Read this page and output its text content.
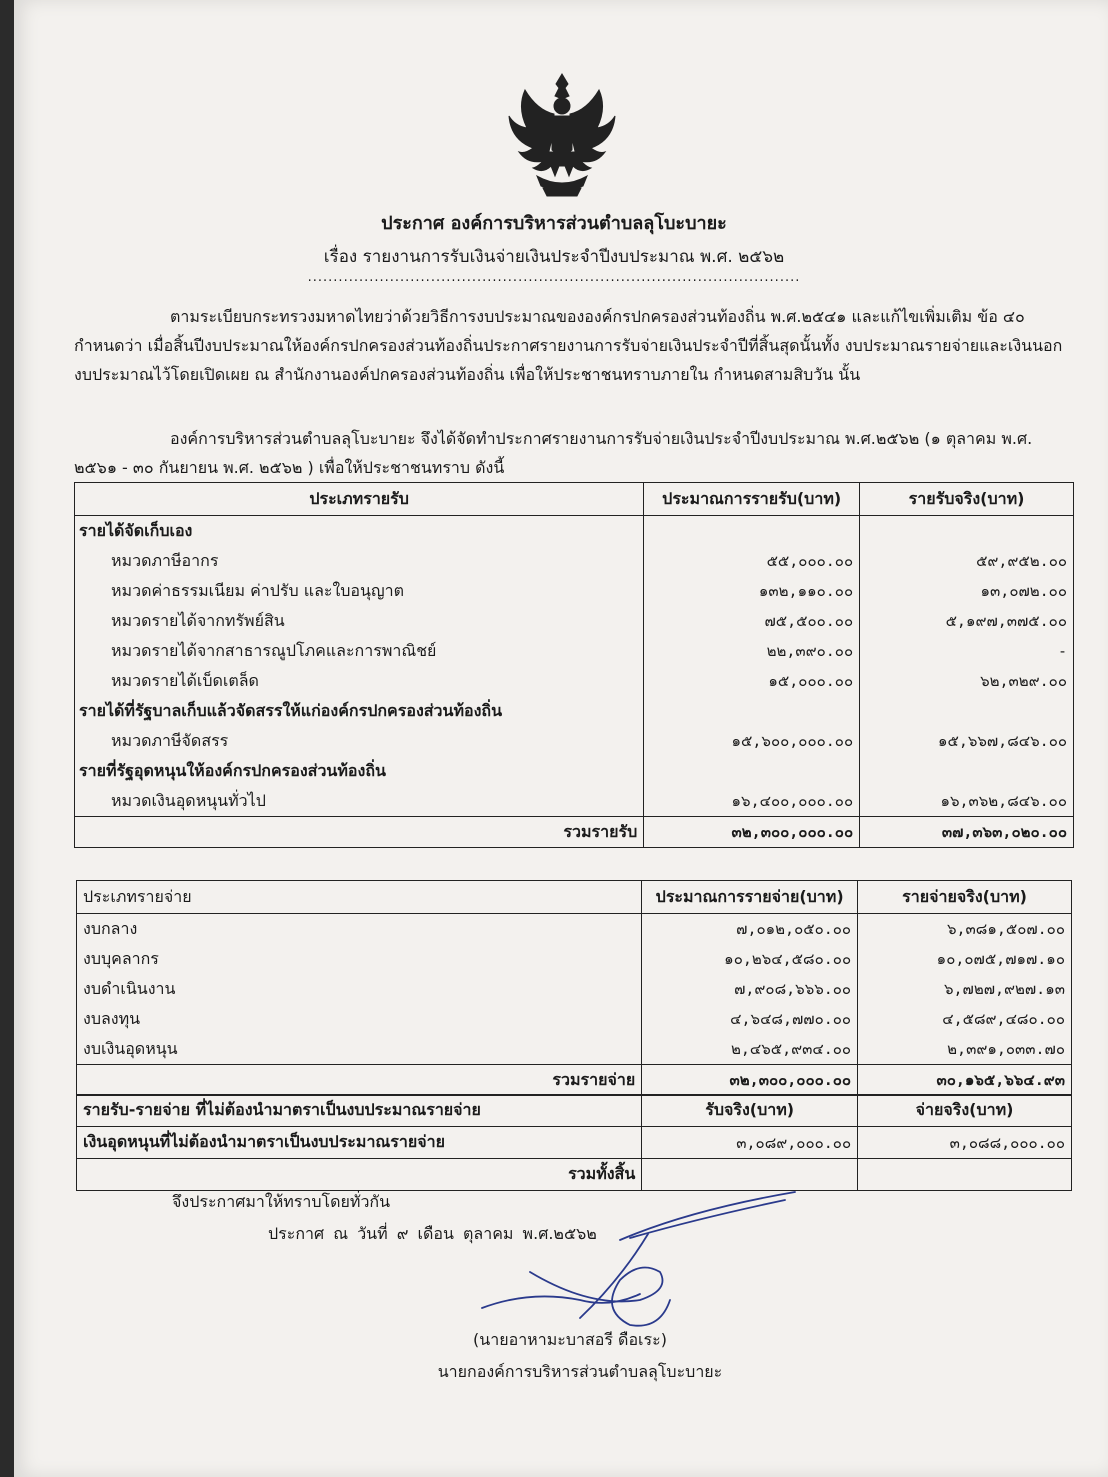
ประกาศ องค์การบริหารส่วนตำบลลุโบะบายะ
เรื่อง รายงานการรับเงินจ่ายเงินประจำปีงบประมาณ พ.ศ. ๒๕๖๒
................................................................................................
ตามระเบียบกระทรวงมหาดไทยว่าด้วยวิธีการงบประมาณขององค์กรปกครองส่วนท้องถิ่น พ.ศ.๒๕๔๑ และแก้ไขเพิ่มเติม ข้อ ๔๐ กำหนดว่า เมื่อสิ้นปีงบประมาณให้องค์กรปกครองส่วนท้องถิ่นประกาศรายงานการรับจ่ายเงินประจำปีที่สิ้นสุดนั้นทั้ง งบประมาณรายจ่ายและเงินนอกงบประมาณไว้โดยเปิดเผย ณ สำนักงานองค์ปกครองส่วนท้องถิ่น เพื่อให้ประชาชนทราบภายใน กำหนดสามสิบวัน นั้น
องค์การบริหารส่วนตำบลลุโบะบายะ จึงได้จัดทำประกาศรายงานการรับจ่ายเงินประจำปีงบประมาณ พ.ศ.๒๕๖๒ (๑ ตุลาคม พ.ศ. ๒๕๖๑ - ๓๐ กันยายน พ.ศ. ๒๕๖๒ ) เพื่อให้ประชาชนทราบ ดังนี้
ประเภทรายรับ	ประมาณการรายรับ(บาท)	รายรับจริง(บาท)
รายได้จัดเก็บเอง		
หมวดภาษีอากร	๕๕,๐๐๐.๐๐	๕๙,๙๕๒.๐๐
หมวดค่าธรรมเนียม ค่าปรับ และใบอนุญาต	๑๓๒,๑๑๐.๐๐	๑๓,๐๗๒.๐๐
หมวดรายได้จากทรัพย์สิน	๗๕,๕๐๐.๐๐	๕,๑๙๗,๓๗๕.๐๐
หมวดรายได้จากสาธารณูปโภคและการพาณิชย์	๒๒,๓๙๐.๐๐	-
หมวดรายได้เบ็ดเตล็ด	๑๕,๐๐๐.๐๐	๖๒,๓๒๙.๐๐
รายได้ที่รัฐบาลเก็บแล้วจัดสรรให้แก่องค์กรปกครองส่วนท้องถิ่น		
หมวดภาษีจัดสรร	๑๕,๖๐๐,๐๐๐.๐๐	๑๕,๖๖๗,๘๔๖.๐๐
รายที่รัฐอุดหนุนให้องค์กรปกครองส่วนท้องถิ่น		
หมวดเงินอุดหนุนทั่วไป	๑๖,๔๐๐,๐๐๐.๐๐	๑๖,๓๖๒,๘๔๖.๐๐
รวมรายรับ	๓๒,๓๐๐,๐๐๐.๐๐	๓๗,๓๖๓,๐๒๐.๐๐
ประเภทรายจ่าย	ประมาณการรายจ่าย(บาท)	รายจ่ายจริง(บาท)
งบกลาง	๗,๐๑๒,๐๕๐.๐๐	๖,๓๘๑,๕๐๗.๐๐
งบบุคลากร	๑๐,๒๖๔,๕๘๐.๐๐	๑๐,๐๗๕,๗๑๗.๑๐
งบดำเนินงาน	๗,๙๐๘,๖๖๖.๐๐	๖,๗๒๗,๙๒๗.๑๓
งบลงทุน	๔,๖๔๘,๗๗๐.๐๐	๔,๕๘๙,๔๘๐.๐๐
งบเงินอุดหนุน	๒,๔๖๕,๙๓๔.๐๐	๒,๓๙๑,๐๓๓.๗๐
รวมรายจ่าย	๓๒,๓๐๐,๐๐๐.๐๐	๓๐,๑๖๕,๖๖๔.๙๓
รายรับ-รายจ่าย ที่ไม่ต้องนำมาตราเป็นงบประมาณรายจ่าย	รับจริง(บาท)	จ่ายจริง(บาท)
เงินอุดหนุนที่ไม่ต้องนำมาตราเป็นงบประมาณรายจ่าย	๓,๐๘๙,๐๐๐.๐๐	๓,๐๘๘,๐๐๐.๐๐
รวมทั้งสิ้น		
จึงประกาศมาให้ทราบโดยทั่วกัน
ประกาศ ณ วันที่ ๙ เดือน ตุลาคม พ.ศ.๒๕๖๒
(นายอาหามะบาสอรี ดือเระ)
นายกองค์การบริหารส่วนตำบลลุโบะบายะ
